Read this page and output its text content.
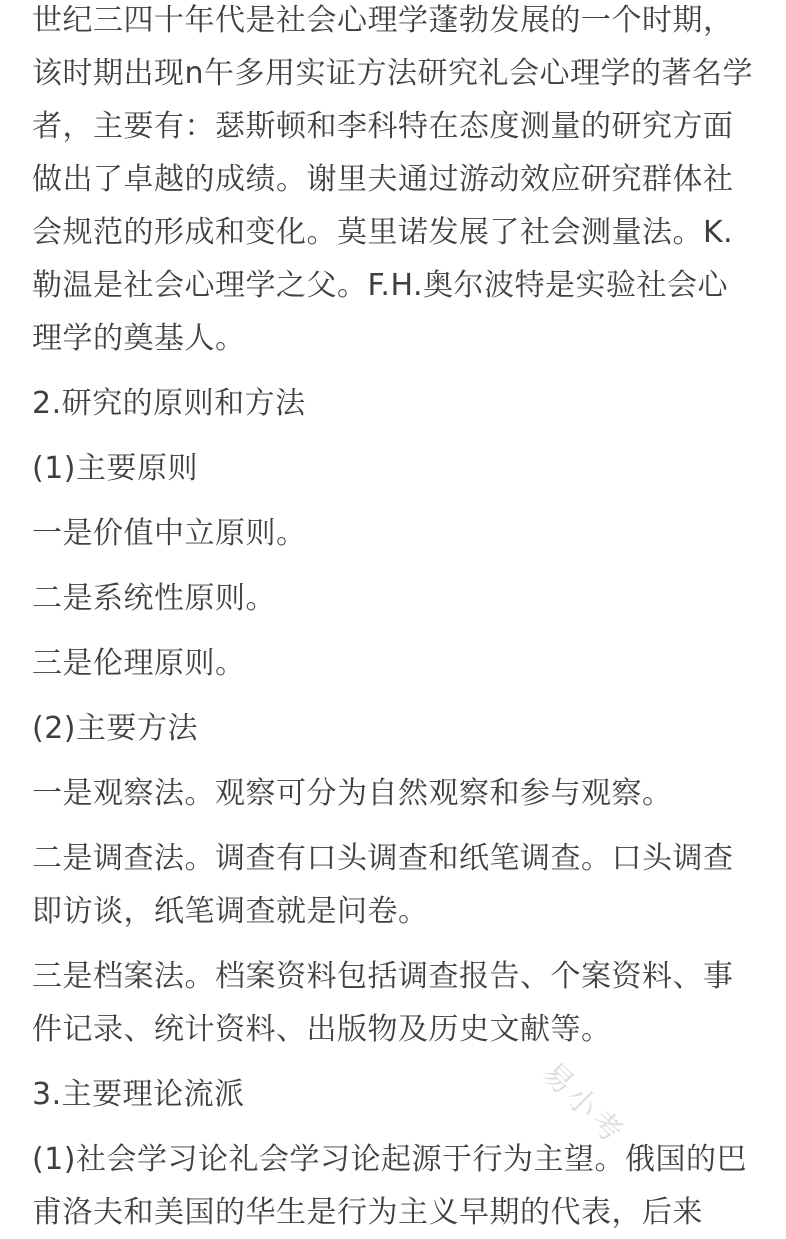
世纪三四十年代是社会心理学蓬勃发展的一个时期，该时期出现n午多用实证方法研究礼会心理学的著名学者，主要有：瑟斯顿和李科特在态度测量的研究方面做出了卓越的成绩。谢里夫通过游动效应研究群体社会规范的形成和变化。莫里诺发展了社会测量法。K.勒温是社会心理学之父。F.H.奥尔波特是实验社会心理学的奠基人。

2.研究的原则和方法

(1)主要原则

一是价值中立原则。

二是系统性原则。

三是伦理原则。

(2)主要方法

一是观察法。观察可分为自然观察和参与观察。

二是调查法。调查有口头调查和纸笔调查。口头调查即访谈，纸笔调查就是问卷。

三是档案法。档案资料包括调查报告、个案资料、事件记录、统计资料、出版物及历史文献等。

3.主要理论流派

(1)社会学习论礼会学习论起源于行为主望。俄国的巴甫洛夫和美国的华生是行为主义早期的代表，后来

易小考
